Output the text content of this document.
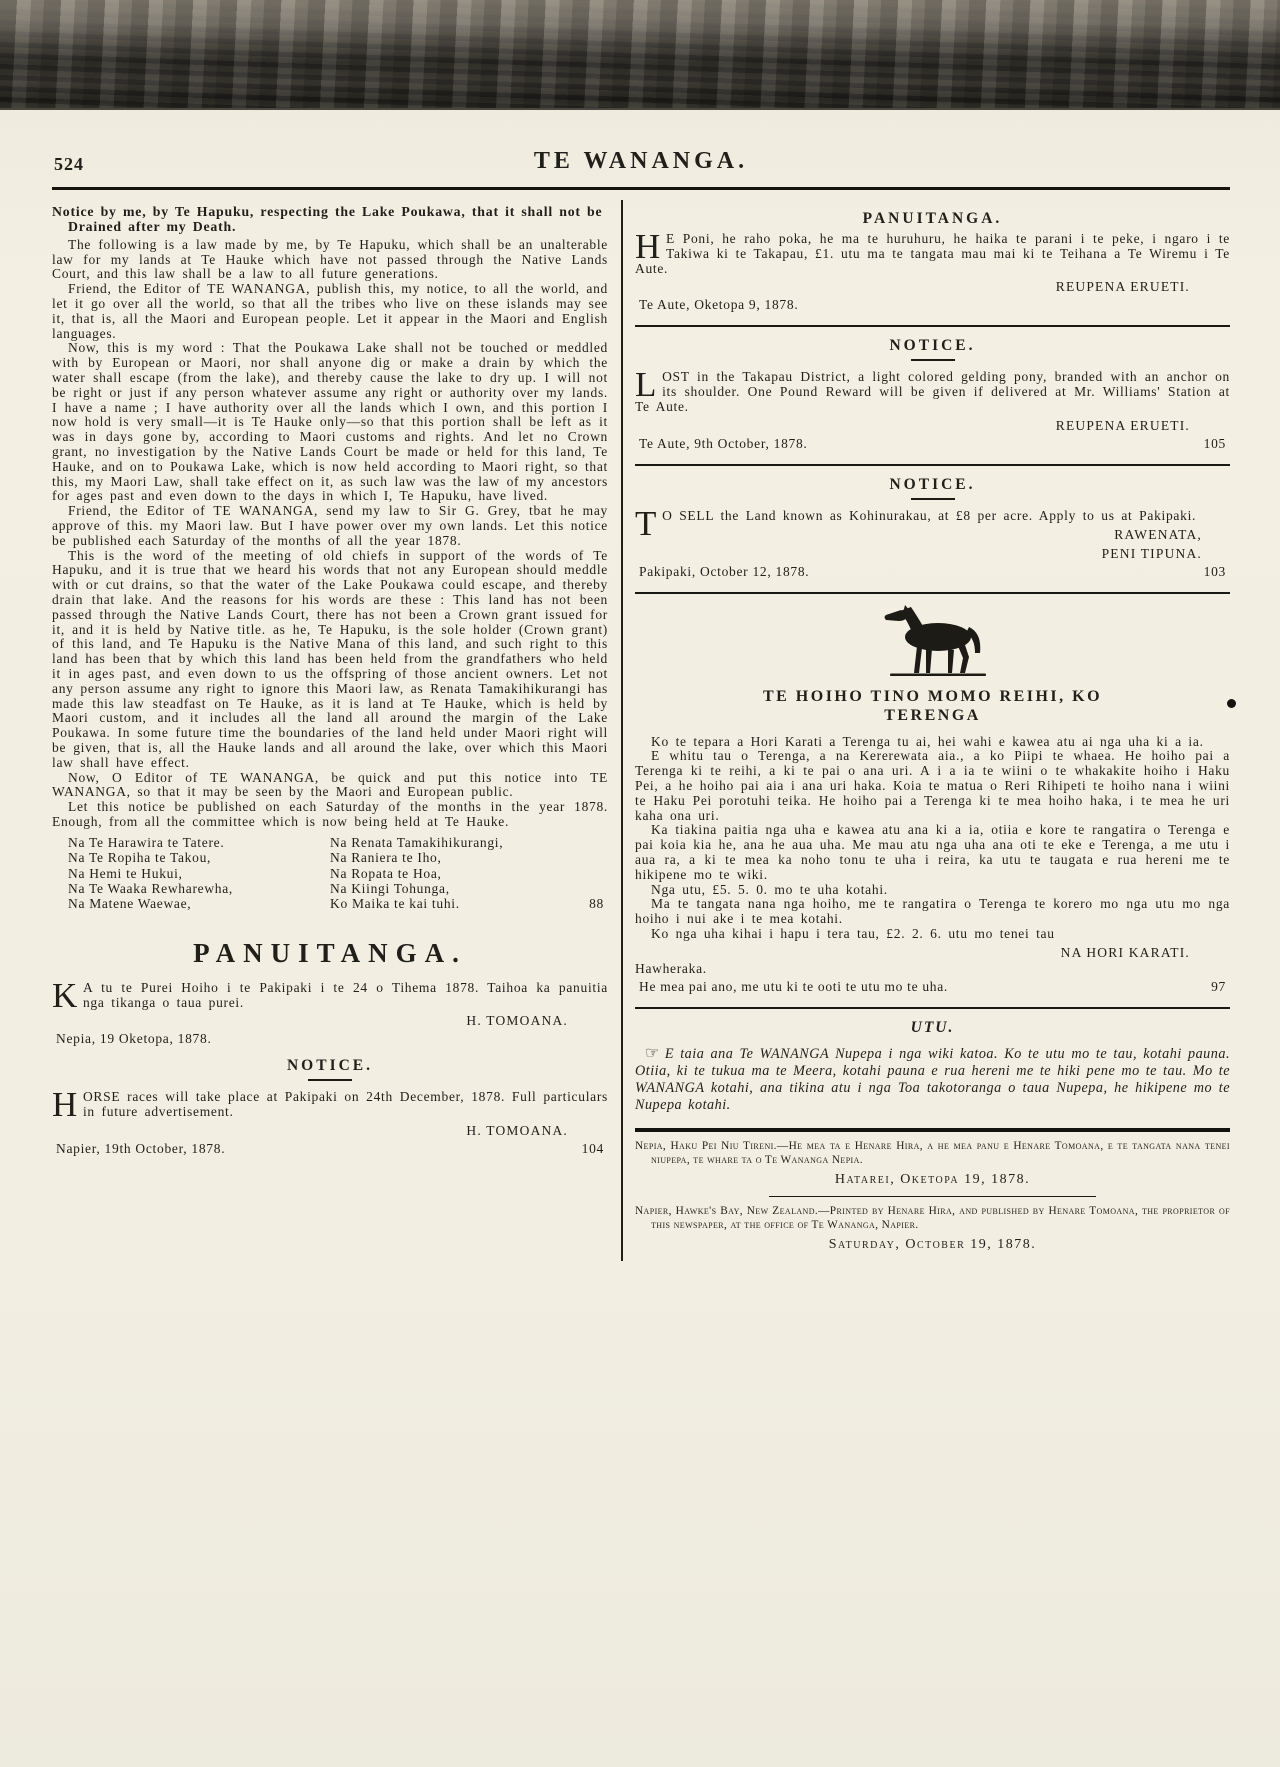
524	TE WANANGA.

Notice by me, by Te Hapuku, respecting the Lake Poukawa, that it shall not be Drained after my Death.

The following is a law made by me, by Te Hapuku, which shall be an unalterable law for my lands at Te Hauke which have not passed through the Native Lands Court, and this law shall be a law to all future generations.

Friend, the Editor of TE WANANGA, publish this, my notice, to all the world, and let it go over all the world, so that all the tribes who live on these islands may see it, that is, all the Maori and European people. Let it appear in the Maori and English languages.

Now, this is my word : That the Poukawa Lake shall not be touched or meddled with by European or Maori, nor shall anyone dig or make a drain by which the water shall escape (from the lake), and thereby cause the lake to dry up. I will not be right or just if any person whatever assume any right or authority over my lands. I have a name ; I have authority over all the lands which I own, and this portion I now hold is very small—it is Te Hauke only—so that this portion shall be left as it was in days gone by, according to Maori customs and rights. And let no Crown grant, no investigation by the Native Lands Court be made or held for this land, Te Hauke, and on to Poukawa Lake, which is now held according to Maori right, so that this, my Maori Law, shall take effect on it, as such law was the law of my ancestors for ages past and even down to the days in which I, Te Hapuku, have lived.

Friend, the Editor of TE WANANGA, send my law to Sir G. Grey, tbat he may approve of this. my Maori law. But I have power over my own lands. Let this notice be published each Saturday of the months of all the year 1878.

This is the word of the meeting of old chiefs in support of the words of Te Hapuku, and it is true that we heard his words that not any European should meddle with or cut drains, so that the water of the Lake Poukawa could escape, and thereby drain that lake. And the reasons for his words are these : This land has not been passed through the Native Lands Court, there has not been a Crown grant issued for it, and it is held by Native title. as he, Te Hapuku, is the sole holder (Crown grant) of this land, and Te Hapuku is the Native Mana of this land, and such right to this land has been that by which this land has been held from the grandfathers who held it in ages past, and even down to us the offspring of those ancient owners. Let not any person assume any right to ignore this Maori law, as Renata Tamakihikurangi has made this law steadfast on Te Hauke, as it is land at Te Hauke, which is held by Maori custom, and it includes all the land all around the margin of the Lake Poukawa. In some future time the boundaries of the land held under Maori right will be given, that is, all the Hauke lands and all around the lake, over which this Maori law shall have effect.

Now, O Editor of TE WANANGA, be quick and put this notice into TE WANANGA, so that it may be seen by the Maori and European public.

Let this notice be published on each Saturday of the months in the year 1878. Enough, from all the committee which is now being held at Te Hauke.

Na Te Harawira te Tatere.	Na Renata Tamakihikurangi,
Na Te Ropiha te Takou,	Na Raniera te Iho,
Na Hemi te Hukui,	Na Ropata te Hoa,
Na Te Waaka Rewharewha,	Na Kiingi Tohunga,
Na Matene Waewae,	Ko Maika te kai tuhi.	88
PANUITANGA.

K A tu te Purei Hoiho i te Pakipaki i te 24 o Tihema 1878. Taihoa ka panuitia nga tikanga o taua purei.

H. TOMOANA.

Nepia, 19 Oketopa, 1878.
NOTICE.

HORSE races will take place at Pakipaki on 24th December, 1878. Full particulars in future advertisement.

H. TOMOANA.

Napier, 19th October, 1878.	104
PANUITANGA.

H E Poni, he raho poka, he ma te huruhuru, he haika te parani i te peke, i ngaro i te Takiwa ki te Takapau, £1. utu ma te tangata mau mai ki te Teihana a Te Wiremu i Te Aute.

REUPENA ERUETI.

Te Aute, Oketopa 9, 1878.
NOTICE.

LOST in the Takapau District, a light colored gelding pony, branded with an anchor on its shoulder. One Pound Reward will be given if delivered at Mr. Williams' Station at Te Aute.

REUPENA ERUETI.

Te Aute, 9th October, 1878.	105
NOTICE.

T O SELL the Land known as Kohinurakau, at £8 per acre. Apply to us at Pakipaki.

RAWENATA,

PENI TIPUNA.

Pakipaki, October 12, 1878.	103
TE HOIHO TINO MOMO REIHI, KO
TERENGA

Ko te tepara a Hori Karati a Terenga tu ai, hei wahi e kawea atu ai nga uha ki a ia.

E whitu tau o Terenga, a na Kererewata aia., a ko Piipi te whaea. He hoiho pai a Terenga ki te reihi, a ki te pai o ana uri. A i a ia te wiini o te whakakite hoiho i Haku Pei, a he hoiho pai aia i ana uri haka. Koia te matua o Reri Rihipeti te hoiho nana i wiini te Haku Pei porotuhi teika. He hoiho pai a Terenga ki te mea hoiho haka, i te mea he uri kaha ona uri.

Ka tiakina paitia nga uha e kawea atu ana ki a ia, otiia e kore te rangatira o Terenga e pai koia kia he, ana he aua uha. Me mau atu nga uha ana oti te eke e Terenga, a me utu i aua ra, a ki te mea ka noho tonu te uha i reira, ka utu te taugata e rua hereni me te hikipene mo te wiki.

Nga utu, £5. 5. 0. mo te uha kotahi.

Ma te tangata nana nga hoiho, me te rangatira o Terenga te korero mo nga utu mo nga hoiho i nui ake i te mea kotahi.

Ko nga uha kihai i hapu i tera tau, £2. 2. 6. utu mo tenei tau

NA HORI KARATI.

Hawheraka.

He mea pai ano, me utu ki te ooti te utu mo te uha.	97
UTU.

☞ E taia ana Te WANANGA Nupepa i nga wiki katoa. Ko te utu mo te tau, kotahi pauna. Otiia, ki te tukua ma te Meera, kotahi pauna e rua hereni me te hiki pene mo te tau. Mo te WANANGA kotahi, ana tikina atu i nga Toa takotoranga o taua Nupepa, he hikipene mo te Nupepa kotahi.

Nepia, Haku Pei Niu Tireni.—He mea ta e Henare Hira, a he mea panu e Henare Tomoana, e te tangata nana tenei niupepa, te whare ta o Te Wananga Nepia.

Hatarei, Oketopa 19, 1878.

Napier, Hawke's Bay, New Zealand.—Printed by Henare Hira, and published by Henare Tomoana, the proprietor of this newspaper, at the office of Te Wananga, Napier.

Saturday, October 19, 1878.
